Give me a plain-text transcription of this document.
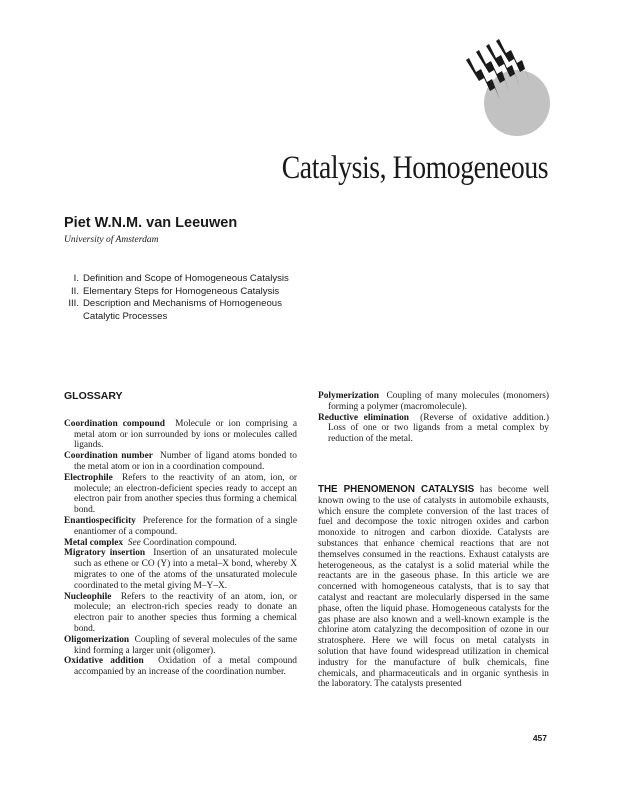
Catalysis, Homogeneous
Piet W.N.M. van Leeuwen
University of Amsterdam
I. Definition and Scope of Homogeneous Catalysis
II. Elementary Steps for Homogeneous Catalysis
III. Description and Mechanisms of Homogeneous Catalytic Processes
GLOSSARY

Coordination compound Molecule or ion comprising a metal atom or ion surrounded by ions or molecules called ligands.

Coordination number Number of ligand atoms bonded to the metal atom or ion in a coordination compound.

Electrophile Refers to the reactivity of an atom, ion, or molecule; an electron-deficient species ready to accept an electron pair from another species thus forming a chemical bond.

Enantiospecificity Preference for the formation of a single enantiomer of a compound.

Metal complex See Coordination compound.

Migratory insertion Insertion of an unsaturated molecule such as ethene or CO (Y) into a metal–X bond, whereby X migrates to one of the atoms of the unsaturated molecule coordinated to the metal giving M–Y–X.

Nucleophile Refers to the reactivity of an atom, ion, or molecule; an electron-rich species ready to donate an electron pair to another species thus forming a chemical bond.

Oligomerization Coupling of several molecules of the same kind forming a larger unit (oligomer).

Oxidative addition Oxidation of a metal compound accompanied by an increase of the coordination number.

Polymerization Coupling of many molecules (monomers) forming a polymer (macromolecule).

Reductive elimination (Reverse of oxidative addition.) Loss of one or two ligands from a metal complex by reduction of the metal.

THE PHENOMENON CATALYSIS has become well known owing to the use of catalysts in automobile exhausts, which ensure the complete conversion of the last traces of fuel and decompose the toxic nitrogen oxides and carbon monoxide to nitrogen and carbon dioxide. Catalysts are substances that enhance chemical reactions that are not themselves consumed in the reactions. Exhaust catalysts are heterogeneous, as the catalyst is a solid material while the reactants are in the gaseous phase. In this article we are concerned with homogeneous catalysts, that is to say that catalyst and reactant are molecularly dispersed in the same phase, often the liquid phase. Homogeneous catalysts for the gas phase are also known and a well-known example is the chlorine atom catalyzing the decomposition of ozone in our stratosphere. Here we will focus on metal catalysts in solution that have found widespread utilization in chemical industry for the manufacture of bulk chemicals, fine chemicals, and pharmaceuticals and in organic synthesis in the laboratory. The catalysts presented

457
